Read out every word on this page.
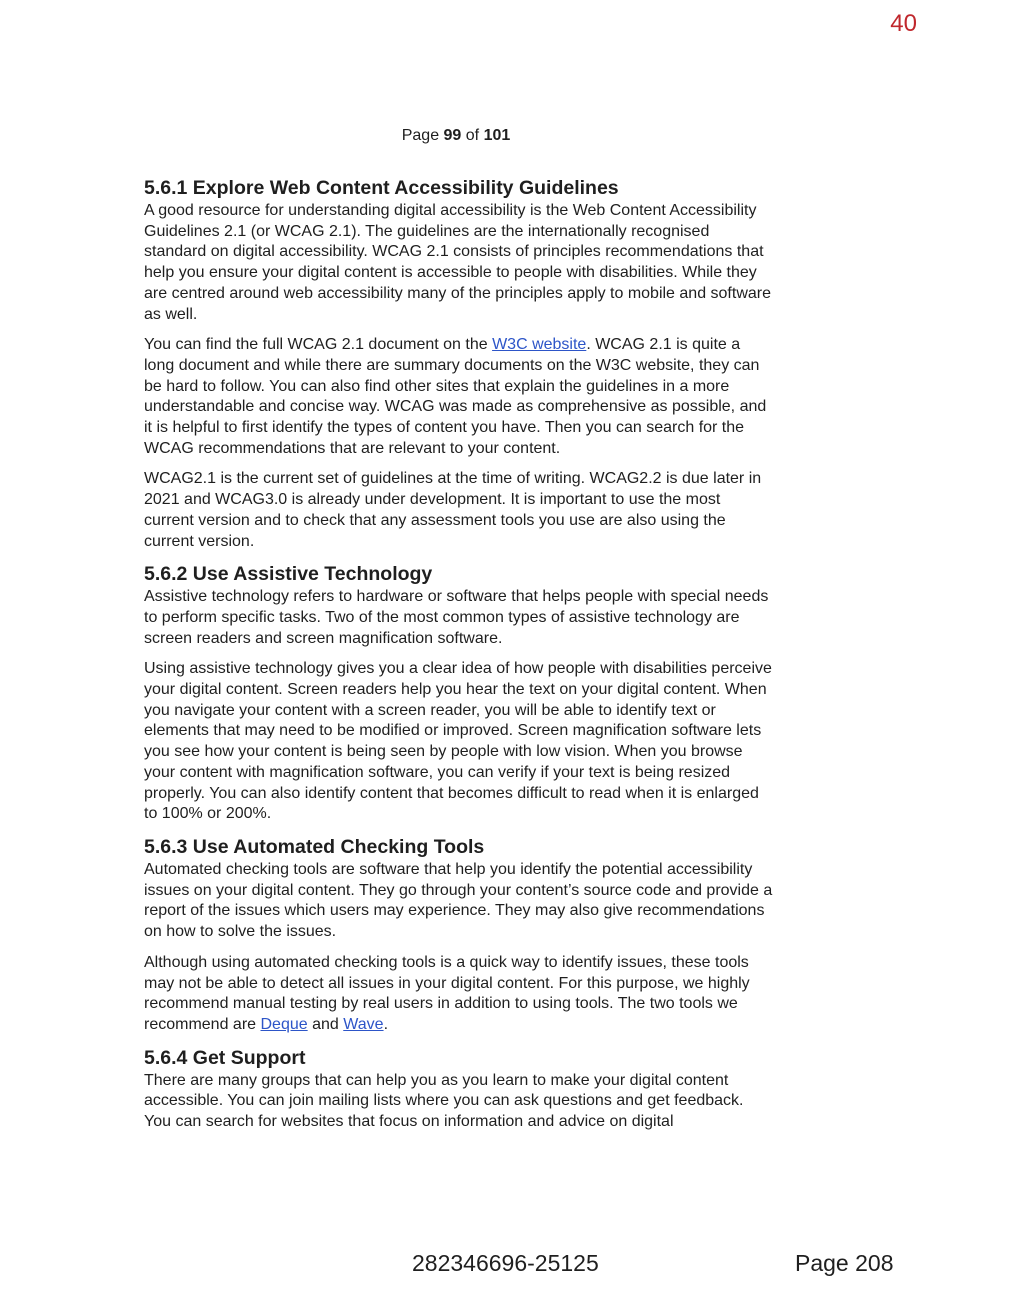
40
Page 99 of 101
5.6.1 Explore Web Content Accessibility Guidelines

A good resource for understanding digital accessibility is the Web Content Accessibility Guidelines 2.1 (or WCAG 2.1). The guidelines are the internationally recognised standard on digital accessibility. WCAG 2.1 consists of principles recommendations that help you ensure your digital content is accessible to people with disabilities. While they are centred around web accessibility many of the principles apply to mobile and software as well.

You can find the full WCAG 2.1 document on the W3C website. WCAG 2.1 is quite a long document and while there are summary documents on the W3C website, they can be hard to follow. You can also find other sites that explain the guidelines in a more understandable and concise way. WCAG was made as comprehensive as possible, and it is helpful to first identify the types of content you have. Then you can search for the WCAG recommendations that are relevant to your content.

WCAG2.1 is the current set of guidelines at the time of writing. WCAG2.2 is due later in 2021 and WCAG3.0 is already under development. It is important to use the most current version and to check that any assessment tools you use are also using the current version.

5.6.2 Use Assistive Technology

Assistive technology refers to hardware or software that helps people with special needs to perform specific tasks. Two of the most common types of assistive technology are screen readers and screen magnification software.

Using assistive technology gives you a clear idea of how people with disabilities perceive your digital content. Screen readers help you hear the text on your digital content. When you navigate your content with a screen reader, you will be able to identify text or elements that may need to be modified or improved. Screen magnification software lets you see how your content is being seen by people with low vision. When you browse your content with magnification software, you can verify if your text is being resized properly. You can also identify content that becomes difficult to read when it is enlarged to 100% or 200%.

5.6.3 Use Automated Checking Tools

Automated checking tools are software that help you identify the potential accessibility issues on your digital content. They go through your content’s source code and provide a report of the issues which users may experience. They may also give recommendations on how to solve the issues.

Although using automated checking tools is a quick way to identify issues, these tools may not be able to detect all issues in your digital content. For this purpose, we highly recommend manual testing by real users in addition to using tools. The two tools we recommend are Deque and Wave.

5.6.4 Get Support

There are many groups that can help you as you learn to make your digital content accessible. You can join mailing lists where you can ask questions and get feedback. You can search for websites that focus on information and advice on digital

282346696-25125	Page 208
